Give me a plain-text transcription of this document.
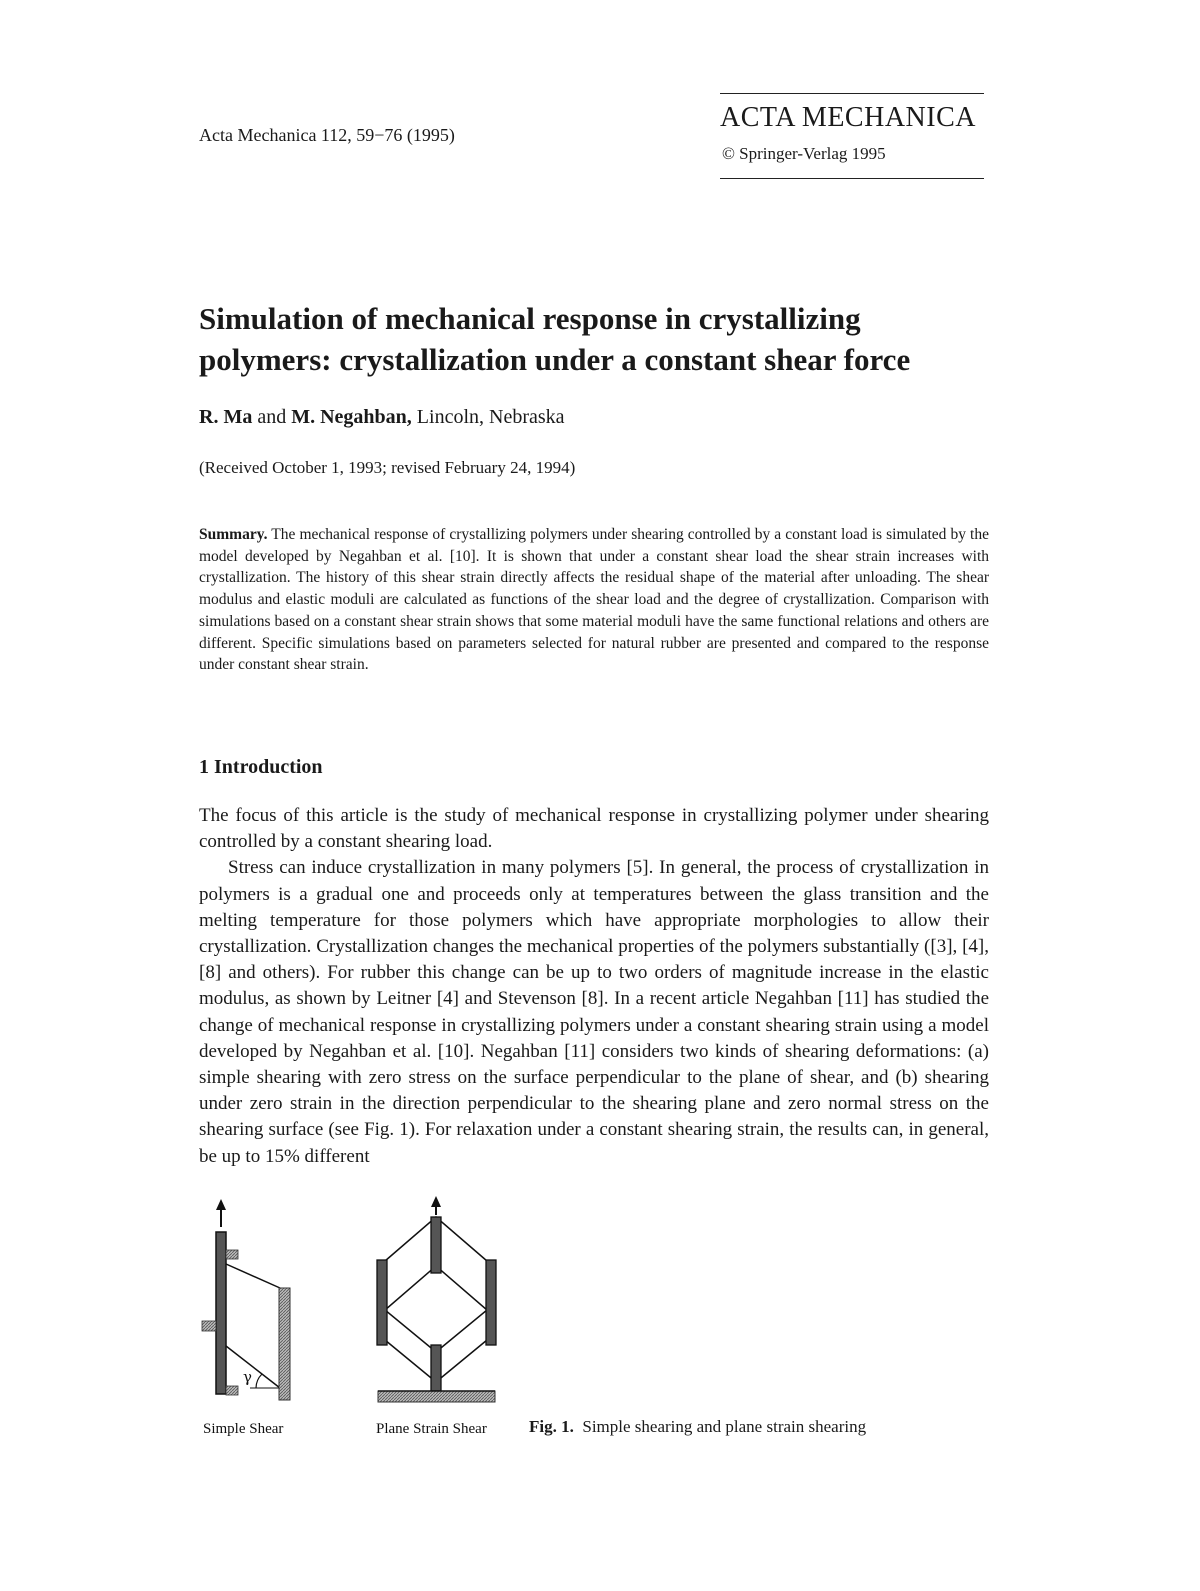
Acta Mechanica 112, 59−76 (1995)
ACTA MECHANICA
© Springer-Verlag 1995
Simulation of mechanical response in crystallizing polymers: crystallization under a constant shear force
R. Ma and M. Negahban, Lincoln, Nebraska
(Received October 1, 1993; revised February 24, 1994)
Summary. The mechanical response of crystallizing polymers under shearing controlled by a constant load is simulated by the model developed by Negahban et al. [10]. It is shown that under a constant shear load the shear strain increases with crystallization. The history of this shear strain directly affects the residual shape of the material after unloading. The shear modulus and elastic moduli are calculated as functions of the shear load and the degree of crystallization. Comparison with simulations based on a constant shear strain shows that some material moduli have the same functional relations and others are different. Specific simulations based on parameters selected for natural rubber are presented and compared to the response under constant shear strain.
1 Introduction

The focus of this article is the study of mechanical response in crystallizing polymer under shearing controlled by a constant shearing load.

Stress can induce crystallization in many polymers [5]. In general, the process of crystallization in polymers is a gradual one and proceeds only at temperatures between the glass transition and the melting temperature for those polymers which have appropriate morphologies to allow their crystallization. Crystallization changes the mechanical properties of the polymers substantially ([3], [4], [8] and others). For rubber this change can be up to two orders of magnitude increase in the elastic modulus, as shown by Leitner [4] and Stevenson [8]. In a recent article Negahban [11] has studied the change of mechanical response in crystallizing polymers under a constant shearing strain using a model developed by Negahban et al. [10]. Negahban [11] considers two kinds of shearing deformations: (a) simple shearing with zero stress on the surface perpendicular to the plane of shear, and (b) shearing under zero strain in the direction perpendicular to the shearing plane and zero normal stress on the shearing surface (see Fig. 1). For relaxation under a constant shearing strain, the results can, in general, be up to 15% different

γ
Simple Shear	Plane Strain Shear Fig. 1. Simple shearing and plane strain shearing
